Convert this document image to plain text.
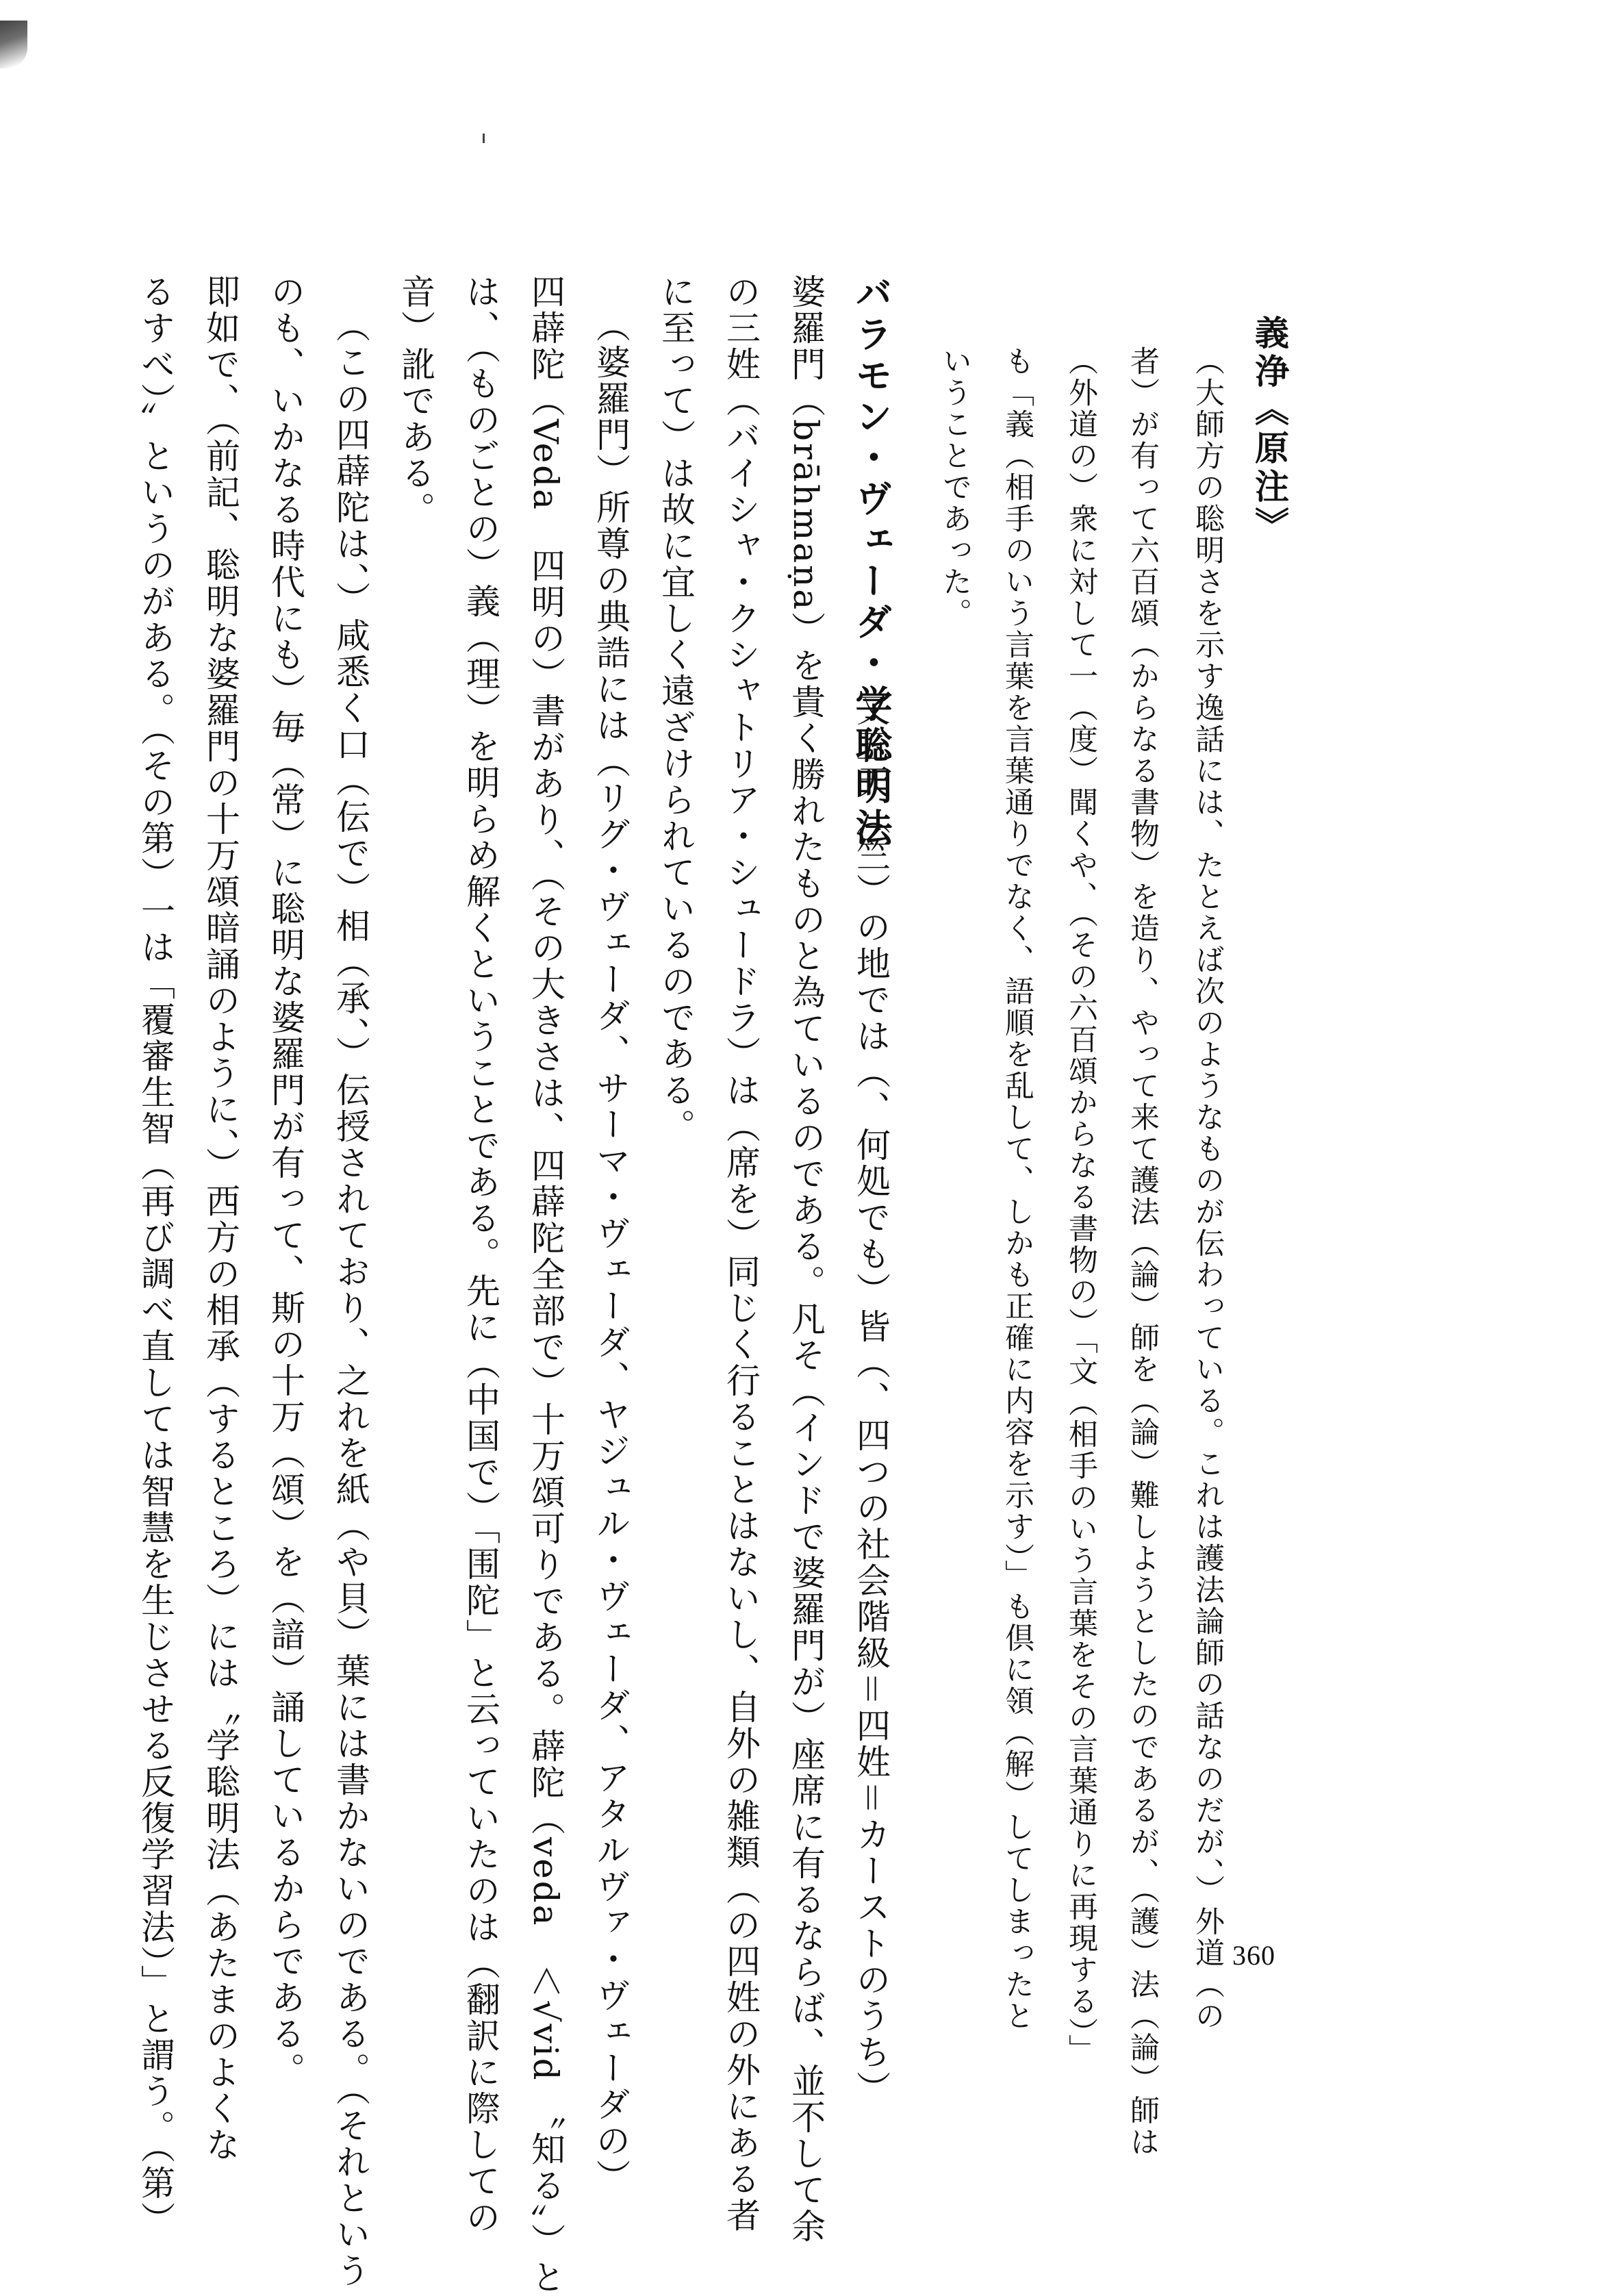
義浄《原注》
（大師方の聡明さを示す逸話には、たとえば次のようなものが伝わっている。これは護法論師の話なのだが、）外道（の
者）が有って六百頌（からなる書物）を造り、やって来て護法（論）師を（論）難しようとしたのであるが、（護）法（論）師は
（外道の）衆に対して一（度）聞くや、（その六百頌からなる書物の）「文（相手のいう言葉をその言葉通りに再現する）」
も「義（相手のいう言葉を言葉通りでなく、語順を乱して、しかも正確に内容を示す）」も倶に領（解）してしまったと
いうことであった。
バラモン・ヴェーダ・学聡明法
又五天（竺）の地では（、何処でも）皆（、四つの社会階級＝四姓＝カーストのうち）
婆羅門（brāhmaṇa）を貴く勝れたものと為ているのである。凡そ（インドで婆羅門が）座席に有るならば、並不して余
の三姓（バイシャ・クシャトリア・シュードラ）は（席を）同じく行ることはないし、自外の雑類（の四姓の外にある者
に至って）は故に宜しく遠ざけられているのである。
（婆羅門）所尊の典誥には（リグ・ヴェーダ、サーマ・ヴェーダ、ヤジュル・ヴェーダ、アタルヴァ・ヴェーダの）
四薜陀（Veda　四明の）書があり、（その大きさは、四薜陀全部で）十万頌可りである。薜陀（veda　＜√vid 〝知る〟）と
は、（ものごとの）義（理）を明らめ解くということである。先に（中国で）「围陀」と云っていたのは（翻訳に際しての
音）訛である。
（この四薜陀は、）咸悉く口（伝で）相（承、）伝授されており、之れを紙（や貝）葉には書かないのである。（それという
のも、いかなる時代にも）毎（常）に聡明な婆羅門が有って、斯の十万（頌）を（諳）誦しているからである。
即如で、（前記、聡明な婆羅門の十万頌暗誦のように、）西方の相承（するところ）には〝学聡明法（あたまのよくな
るすべ）〟というのがある。（その第）一は「覆審生智（再び調べ直しては智慧を生じさせる反復学習法）」と謂う。（第）	360
